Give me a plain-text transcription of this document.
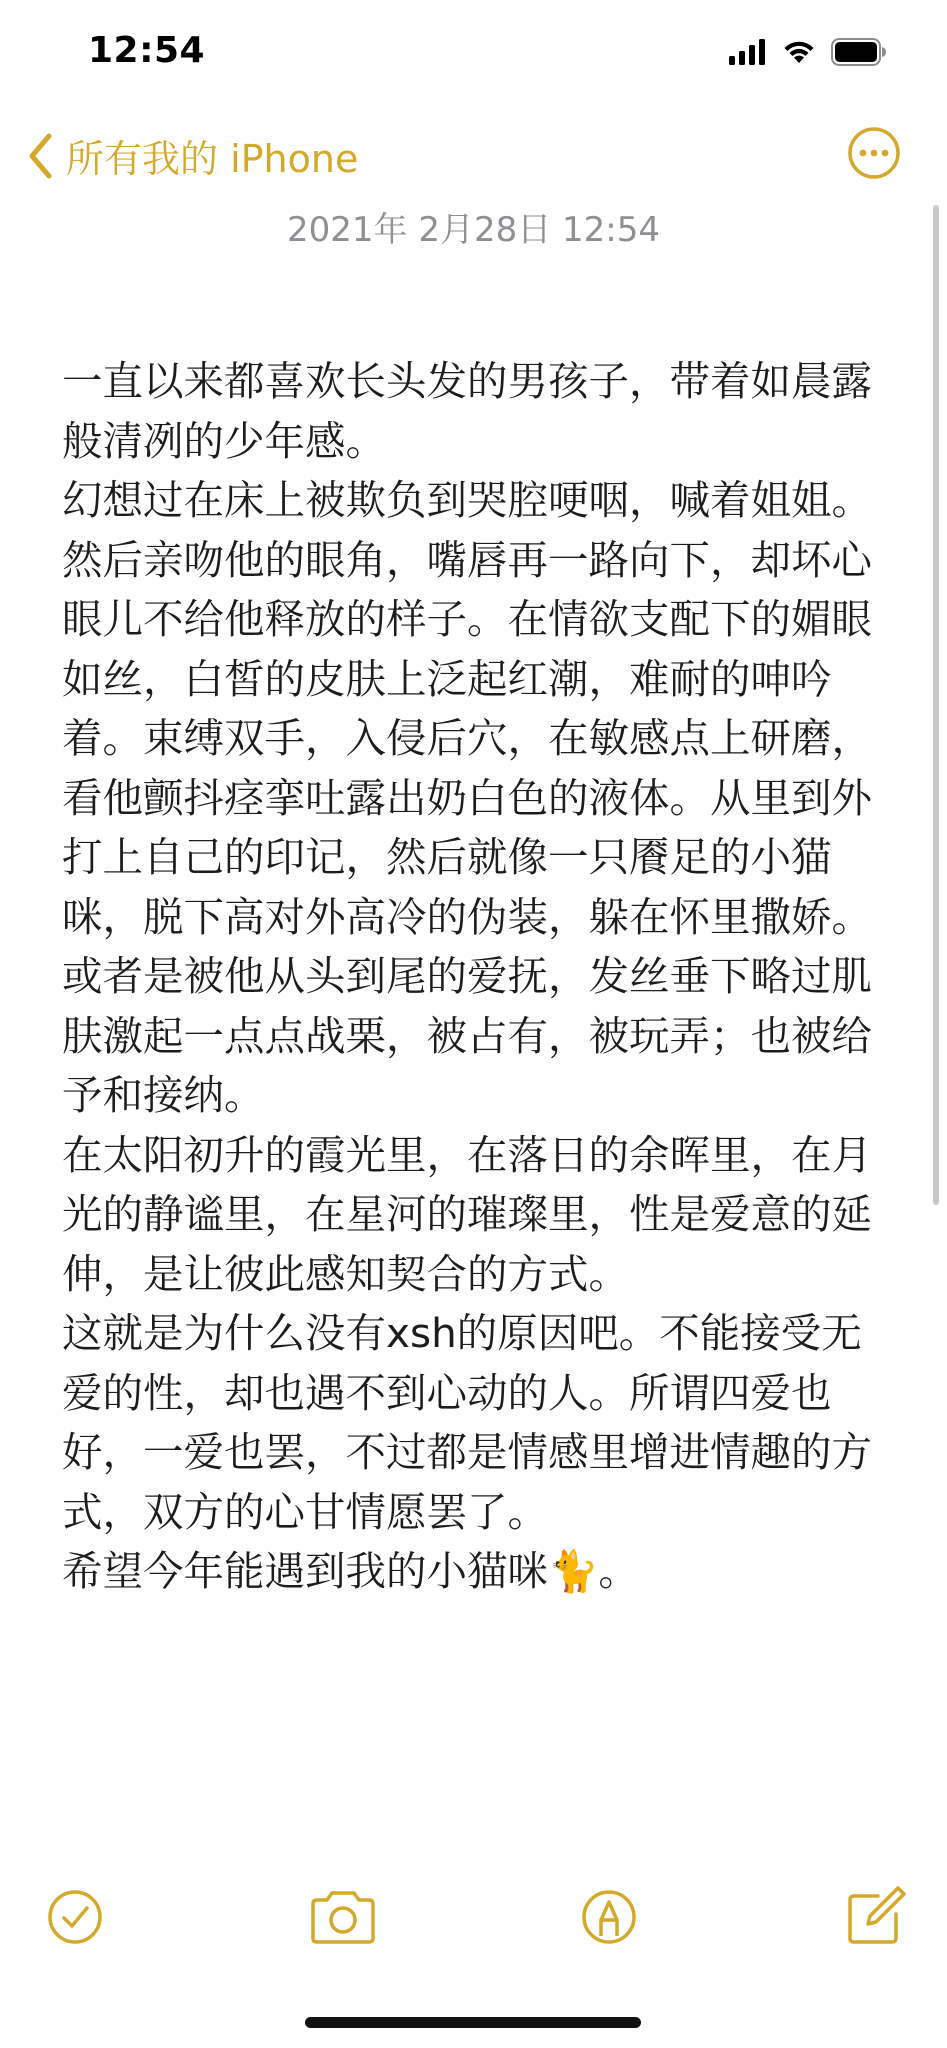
12:54
所有我的 iPhone
2021年 2月28日 12:54

一直以来都喜欢长头发的男孩子，带着如晨露般清冽的少年感。

幻想过在床上被欺负到哭腔哽咽，喊着姐姐。然后亲吻他的眼角，嘴唇再一路向下，却坏心眼儿不给他释放的样子。在情欲支配下的媚眼如丝，白皙的皮肤上泛起红潮，难耐的呻吟着。束缚双手，入侵后穴，在敏感点上研磨，看他颤抖痉挛吐露出奶白色的液体。从里到外打上自己的印记，然后就像一只餍足的小猫咪，脱下高对外高冷的伪装，躲在怀里撒娇。或者是被他从头到尾的爱抚，发丝垂下略过肌肤激起一点点战栗，被占有，被玩弄；也被给予和接纳。

在太阳初升的霞光里，在落日的余晖里，在月光的静谧里，在星河的璀璨里，性是爱意的延伸，是让彼此感知契合的方式。

这就是为什么没有xsh的原因吧。不能接受无爱的性，却也遇不到心动的人。所谓四爱也好，一爱也罢，不过都是情感里增进情趣的方式，双方的心甘情愿罢了。

希望今年能遇到我的小猫咪🐈。
